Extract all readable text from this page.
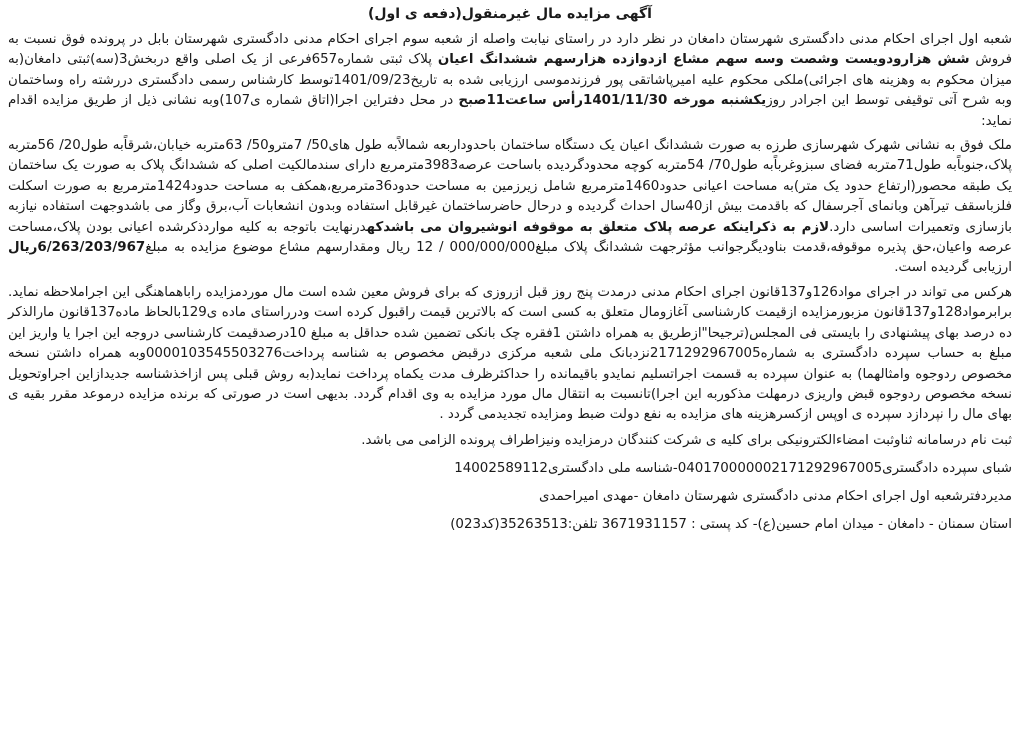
آگهی مزایده مال غیرمنقول(دفعه ی اول)

شعبه اول اجرای احکام مدنی دادگستری شهرستان دامغان در نظر دارد در راستای نیابت واصله از شعبه سوم اجرای احکام مدنی دادگستری شهرستان بابل در پرونده فوق نسبت به فروش شش هزارودویست وشصت وسه سهم مشاع ازدوازده هزارسهم ششدانگ اعیان پلاک ثبتی شماره657فرعی از یک اصلی واقع دربخش3(سه)ثبتی دامغان(به میزان محکوم به وهزینه های اجرائی)ملکی محکوم علیه امیرپاشاتقی پور فرزندموسی ارزیابی شده به تاریخ1401/09/23توسط کارشناس رسمی دادگستری دررشته راه وساختمان وبه شرح آتی توقیفی توسط این اجرادر روزیکشنبه مورخه 1401/11/30رأس ساعت11صبح در محل دفتراین اجرا(اتاق شماره ی107)وبه نشانی ذیل از طریق مزایده اقدام نماید:

ملک فوق به نشانی شهرک شهرسازی طرزه به صورت ششدانگ اعیان یک دستگاه ساختمان باحدوداربعه شمالاًبه طول های50/ 7مترو50/ 63متربه خیابان،شرقاًبه طول20/ 56متربه پلاک،جنوباًبه طول71متربه فضای سبزوغرباًبه طول70/ 54متربه کوچه محدودگردیده باساحت عرصه3983مترمربع دارای سندمالکیت اصلی که ششدانگ پلاک به صورت یک ساختمان یک طبقه محصور(ارتفاع حدود یک متر)به مساحت اعیانی حدود1460مترمربع شامل زیرزمین به مساحت حدود36مترمربع،همکف به مساحت حدود1424مترمربع به صورت اسکلت فلزباسقف تیرآهن وبانمای آجرسفال که باقدمت بیش از40سال احداث گردیده و درحال حاضرساختمان غیرقابل استفاده وبدون انشعابات آب،برق وگاز می باشدوجهت استفاده نیازبه بازسازی وتعمیرات اساسی دارد.لازم به ذکراینکه عرصه پلاک متعلق به موقوفه انوشیروان می باشدکهدرنهایت باتوجه به کلیه مواردذکرشده اعیانی بودن پلاک،مساحت عرصه واعیان،حق پذیره موقوفه،قدمت بناودیگرجوانب مؤثرجهت ششدانگ پلاک مبلغ000/000/000 / 12 ریال ومقدارسهم مشاع موضوع مزایده به مبلغ6/263/203/967ریال ارزیابی گردیده است.

هرکس می تواند در اجرای مواد126و137قانون اجرای احکام مدنی درمدت پنج روز قبل ازروزی که برای فروش معین شده است مال موردمزایده راباهماهنگی این اجراملاحظه نماید. برابرمواد128و137قانون مزبورمزایده ازقیمت کارشناسی آغازومال متعلق به کسی است که بالاترین قیمت راقبول کرده است ودرراستای ماده ی129بالحاظ ماده137قانون مارالذکر ده درصد بهای پیشنهادی را بایستی فی المجلس(ترجیحا"ازطریق به همراه داشتن 1فقره چک بانکی تضمین شده حداقل به مبلغ 10درصدقیمت کارشناسی دروجه این اجرا یا واریز این مبلغ به حساب سپرده دادگستری به شماره2171292967005نزدبانک ملی شعبه مرکزی درقبض مخصوص به شناسه پرداخت000010354550327‪6‬وبه همراه داشتن نسخه مخصوص ردوجوه وامثالهما) به عنوان سپرده به قسمت اجراتسلیم نمایدو باقیمانده را حداکثرظرف مدت یکماه پرداخت نماید(به روش قبلی پس ازاخذشناسه جدیدازاین اجراوتحویل نسخه مخصوص ردوجوه قبض واریزی درمهلت مذکوربه این اجرا)تانسبت به انتقال مال مورد مزایده به وی اقدام گردد. بدیهی است در صورتی که برنده مزایده درموعد مقرر بقیه ی بهای مال را نپردازد سپرده ی اوپس ازکسرهزینه های مزایده به نفع دولت ضبط ومزایده تجدیدمی گردد .

ثبت نام درسامانه ثناوثبت امضاءالکترونیکی برای کلیه ی شرکت کنندگان درمزایده ونیزاطراف پرونده الزامی می باشد.

شبای سپرده دادگستری040170000002171292967005-شناسه ملی دادگستری14002589112

مدیردفترشعبه اول اجرای احکام مدنی دادگستری شهرستان دامغان -مهدی امیراحمدی

استان سمنان - دامغان - میدان امام حسین(ع)- کد پستی : 3671931157 تلفن:35263513(کد023)
